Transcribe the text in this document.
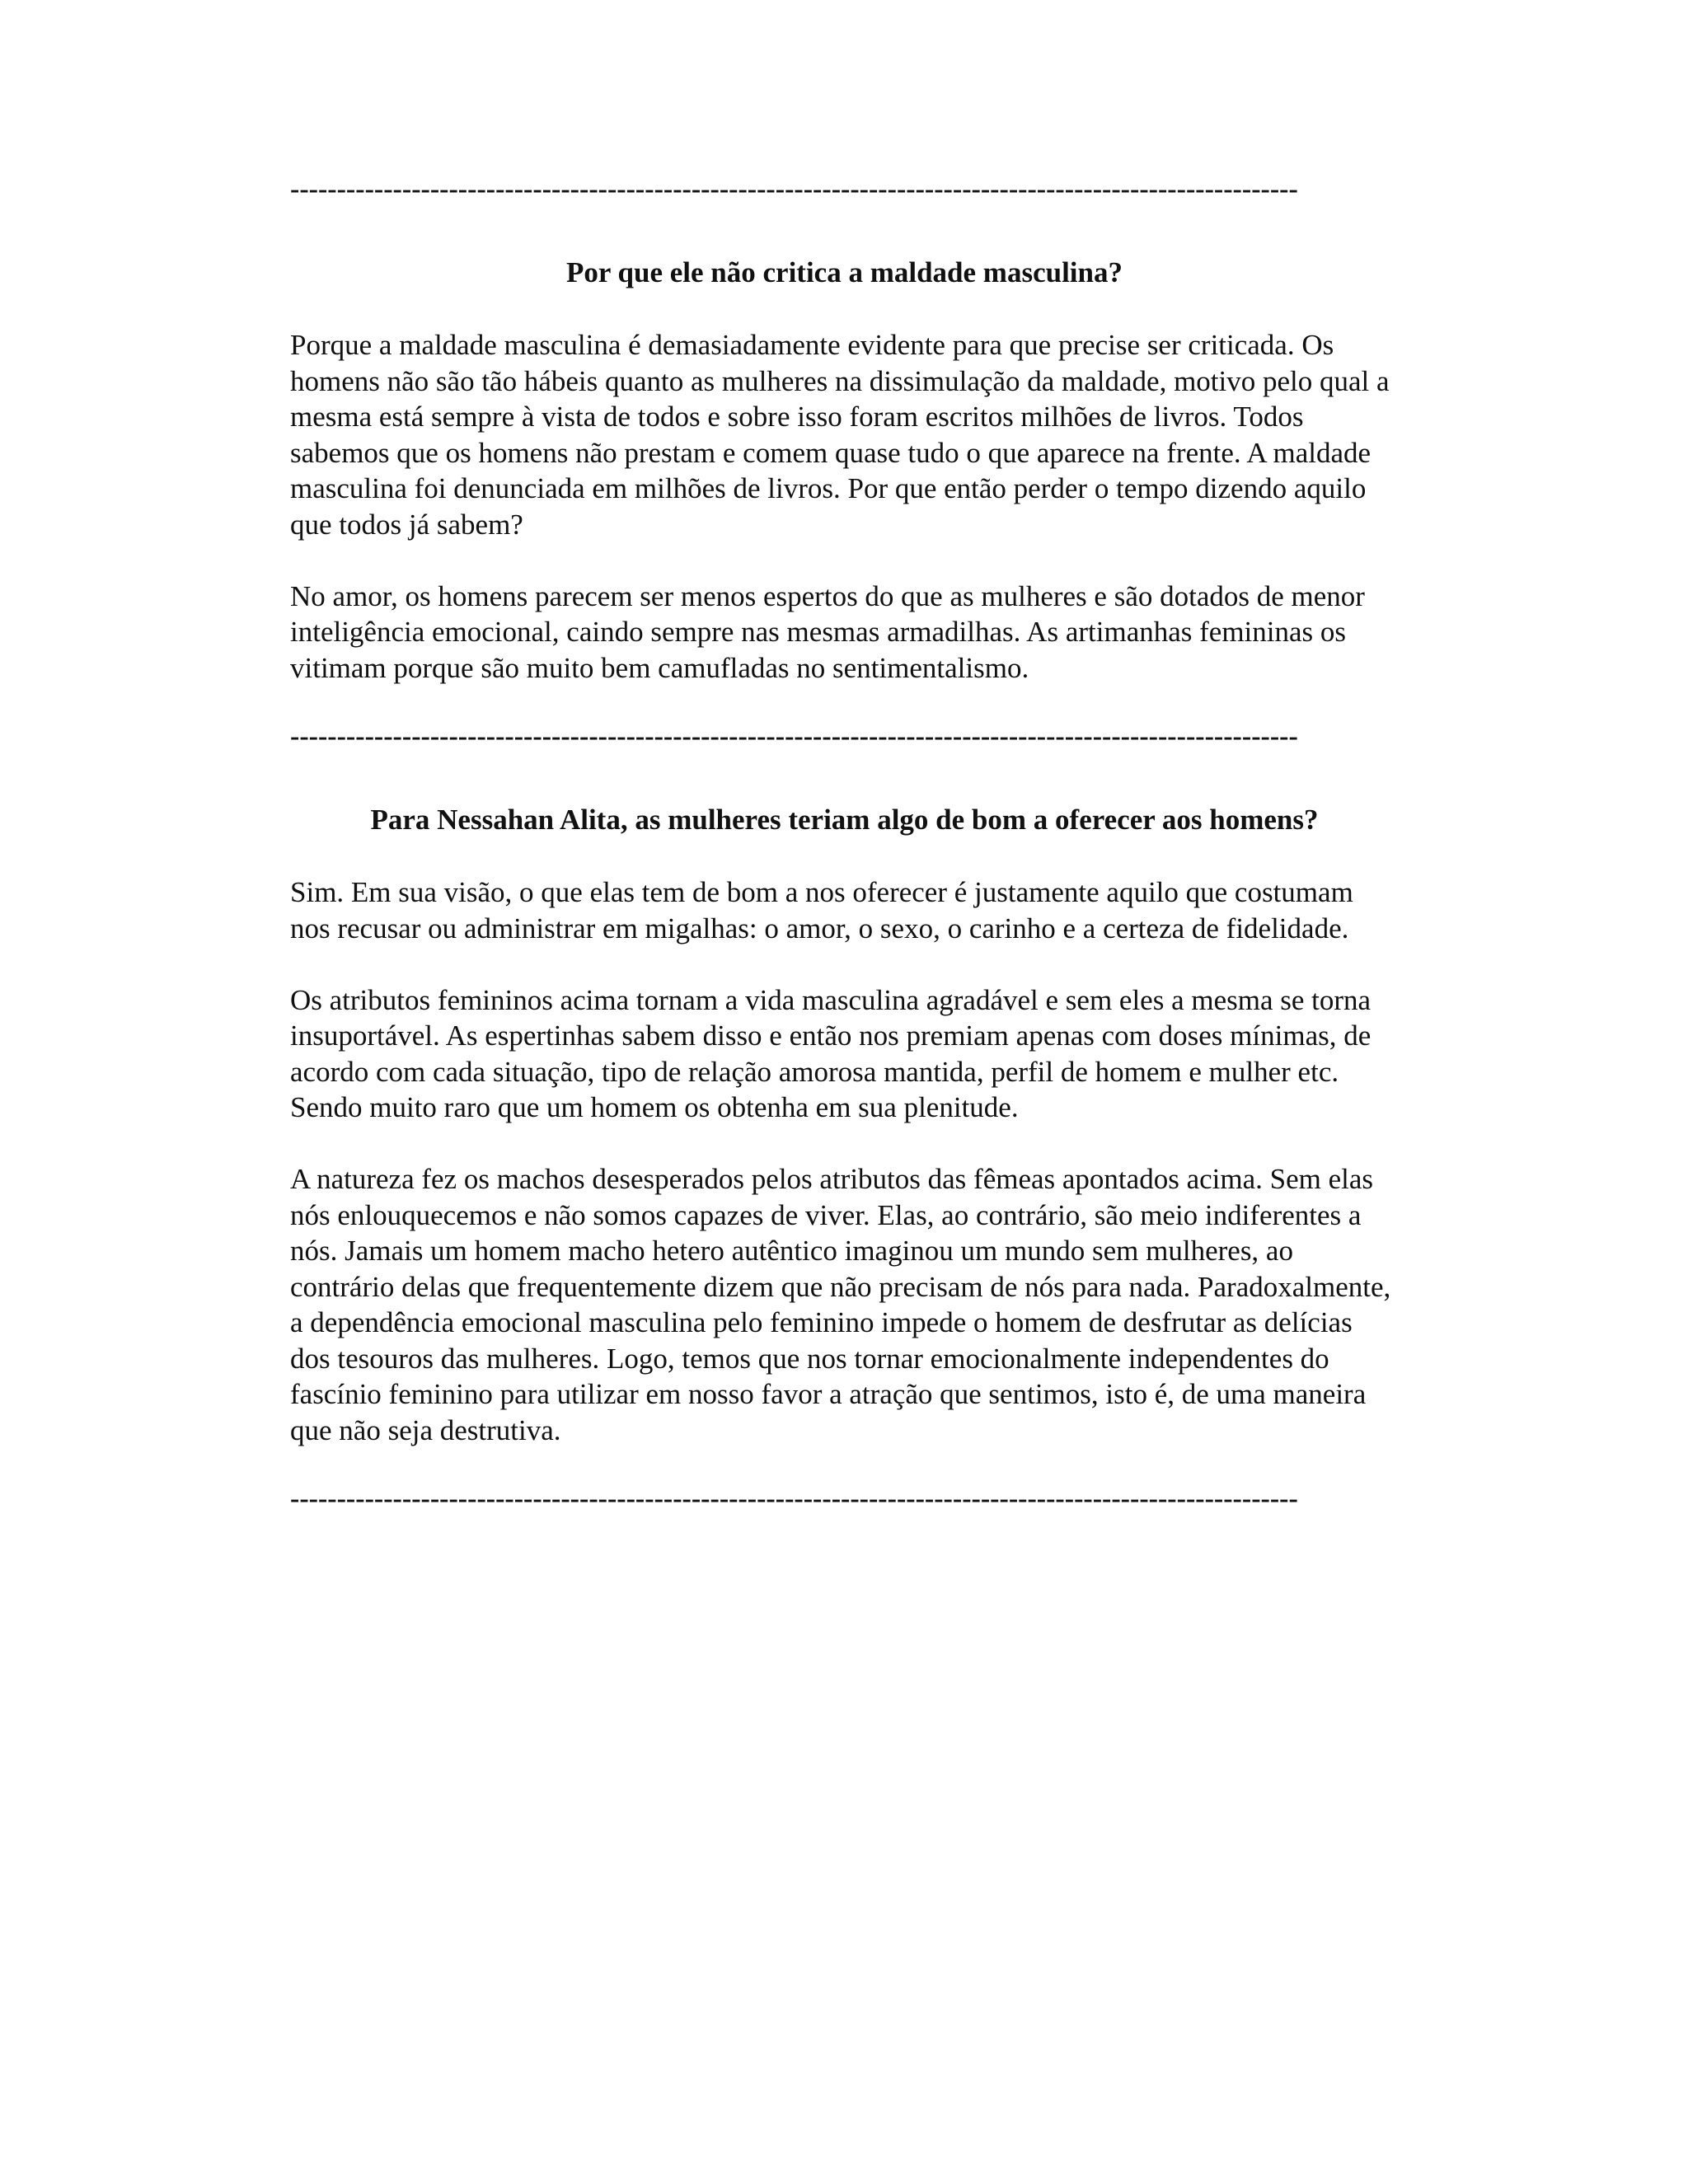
------------------------------------------------------------------------------------------------------------
Por que ele não critica a maldade masculina?

Porque a maldade masculina é demasiadamente evidente para que precise ser criticada. Os homens não são tão hábeis quanto as mulheres na dissimulação da maldade, motivo pelo qual a mesma está sempre à vista de todos e sobre isso foram escritos milhões de livros. Todos sabemos que os homens não prestam e comem quase tudo o que aparece na frente. A maldade masculina foi denunciada em milhões de livros. Por que então perder o tempo dizendo aquilo que todos já sabem?

No amor, os homens parecem ser menos espertos do que as mulheres e são dotados de menor inteligência emocional, caindo sempre nas mesmas armadilhas. As artimanhas femininas os vitimam porque são muito bem camufladas no sentimentalismo.

------------------------------------------------------------------------------------------------------------
Para Nessahan Alita, as mulheres teriam algo de bom a oferecer aos homens?

Sim. Em sua visão, o que elas tem de bom a nos oferecer é justamente aquilo que costumam nos recusar ou administrar em migalhas: o amor, o sexo, o carinho e a certeza de fidelidade.

Os atributos femininos acima tornam a vida masculina agradável e sem eles a mesma se torna insuportável. As espertinhas sabem disso e então nos premiam apenas com doses mínimas, de acordo com cada situação, tipo de relação amorosa mantida, perfil de homem e mulher etc. Sendo muito raro que um homem os obtenha em sua plenitude.

A natureza fez os machos desesperados pelos atributos das fêmeas apontados acima. Sem elas nós enlouquecemos e não somos capazes de viver. Elas, ao contrário, são meio indiferentes a nós. Jamais um homem macho hetero autêntico imaginou um mundo sem mulheres, ao contrário delas que frequentemente dizem que não precisam de nós para nada. Paradoxalmente, a dependência emocional masculina pelo feminino impede o homem de desfrutar as delícias dos tesouros das mulheres. Logo, temos que nos tornar emocionalmente independentes do fascínio feminino para utilizar em nosso favor a atração que sentimos, isto é, de uma maneira que não seja destrutiva.

------------------------------------------------------------------------------------------------------------
